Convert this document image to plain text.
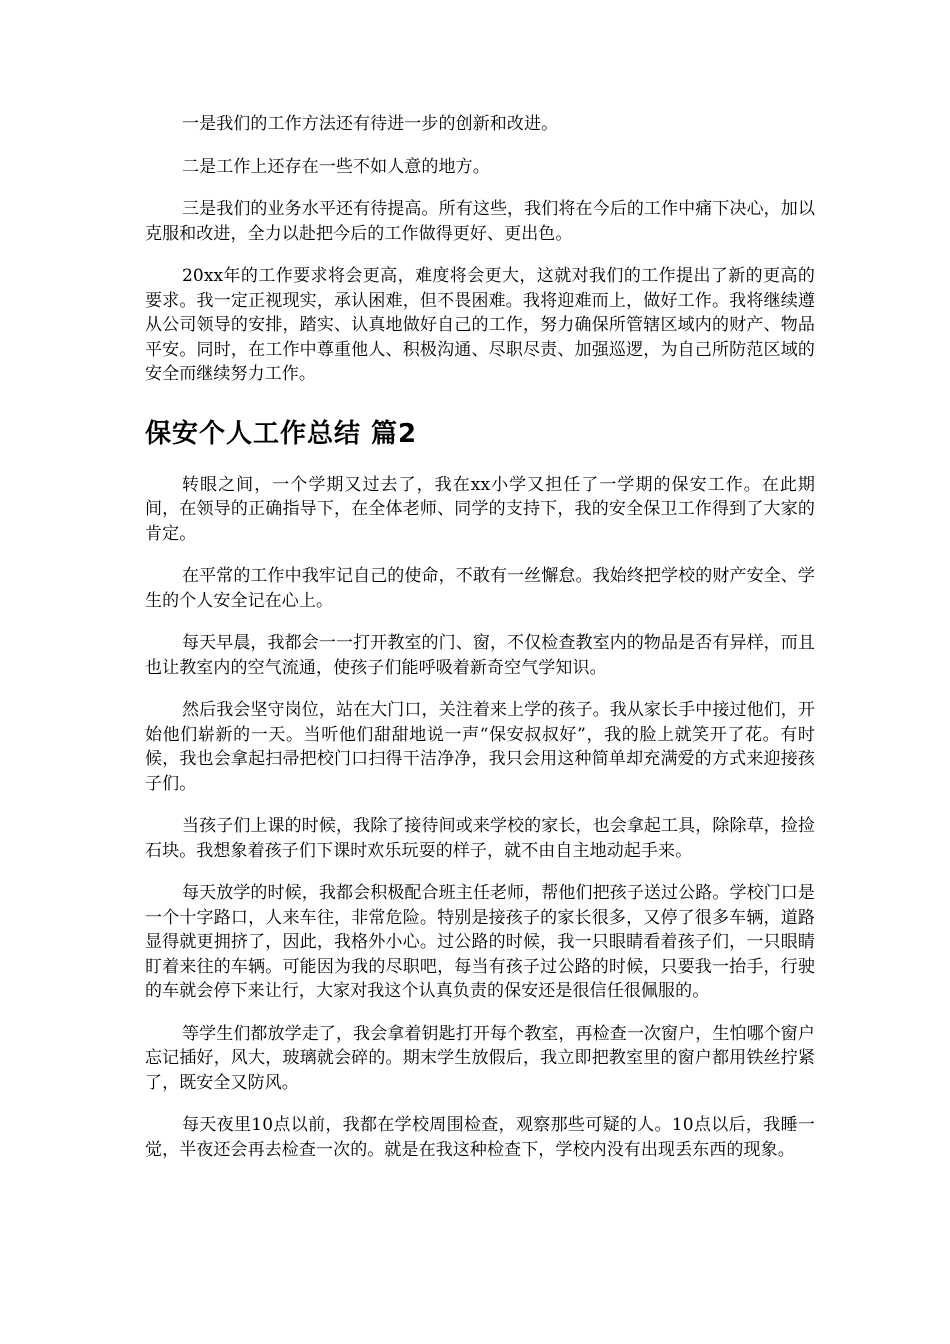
一是我们的工作方法还有待进一步的创新和改进。

二是工作上还存在一些不如人意的地方。

三是我们的业务水平还有待提高。所有这些，我们将在今后的工作中痛下决心，加以克服和改进，全力以赴把今后的工作做得更好、更出色。

20xx年的工作要求将会更高，难度将会更大，这就对我们的工作提出了新的更高的要求。我一定正视现实，承认困难，但不畏困难。我将迎难而上，做好工作。我将继续遵从公司领导的安排，踏实、认真地做好自己的工作，努力确保所管辖区域内的财产、物品平安。同时，在工作中尊重他人、积极沟通、尽职尽责、加强巡逻，为自己所防范区域的安全而继续努力工作。

保安个人工作总结 篇2

转眼之间，一个学期又过去了，我在xx小学又担任了一学期的保安工作。在此期间，在领导的正确指导下，在全体老师、同学的支持下，我的安全保卫工作得到了大家的肯定。

在平常的工作中我牢记自己的使命，不敢有一丝懈怠。我始终把学校的财产安全、学生的个人安全记在心上。

每天早晨，我都会一一打开教室的门、窗，不仅检查教室内的物品是否有异样，而且也让教室内的空气流通，使孩子们能呼吸着新奇空气学知识。

然后我会坚守岗位，站在大门口，关注着来上学的孩子。我从家长手中接过他们，开始他们崭新的一天。当听他们甜甜地说一声“保安叔叔好”，我的脸上就笑开了花。有时候，我也会拿起扫帚把校门口扫得干洁净净，我只会用这种简单却充满爱的方式来迎接孩子们。

当孩子们上课的时候，我除了接待间或来学校的家长，也会拿起工具，除除草，捡捡石块。我想象着孩子们下课时欢乐玩耍的样子，就不由自主地动起手来。

每天放学的时候，我都会积极配合班主任老师，帮他们把孩子送过公路。学校门口是一个十字路口，人来车往，非常危险。特别是接孩子的家长很多，又停了很多车辆，道路显得就更拥挤了，因此，我格外小心。过公路的时候，我一只眼睛看着孩子们，一只眼睛盯着来往的车辆。可能因为我的尽职吧，每当有孩子过公路的时候，只要我一抬手，行驶的车就会停下来让行，大家对我这个认真负责的保安还是很信任很佩服的。

等学生们都放学走了，我会拿着钥匙打开每个教室，再检查一次窗户，生怕哪个窗户忘记插好，风大，玻璃就会碎的。期末学生放假后，我立即把教室里的窗户都用铁丝拧紧了，既安全又防风。

每天夜里10点以前，我都在学校周围检查，观察那些可疑的人。10点以后，我睡一觉，半夜还会再去检查一次的。就是在我这种检查下，学校内没有出现丢东西的现象。
